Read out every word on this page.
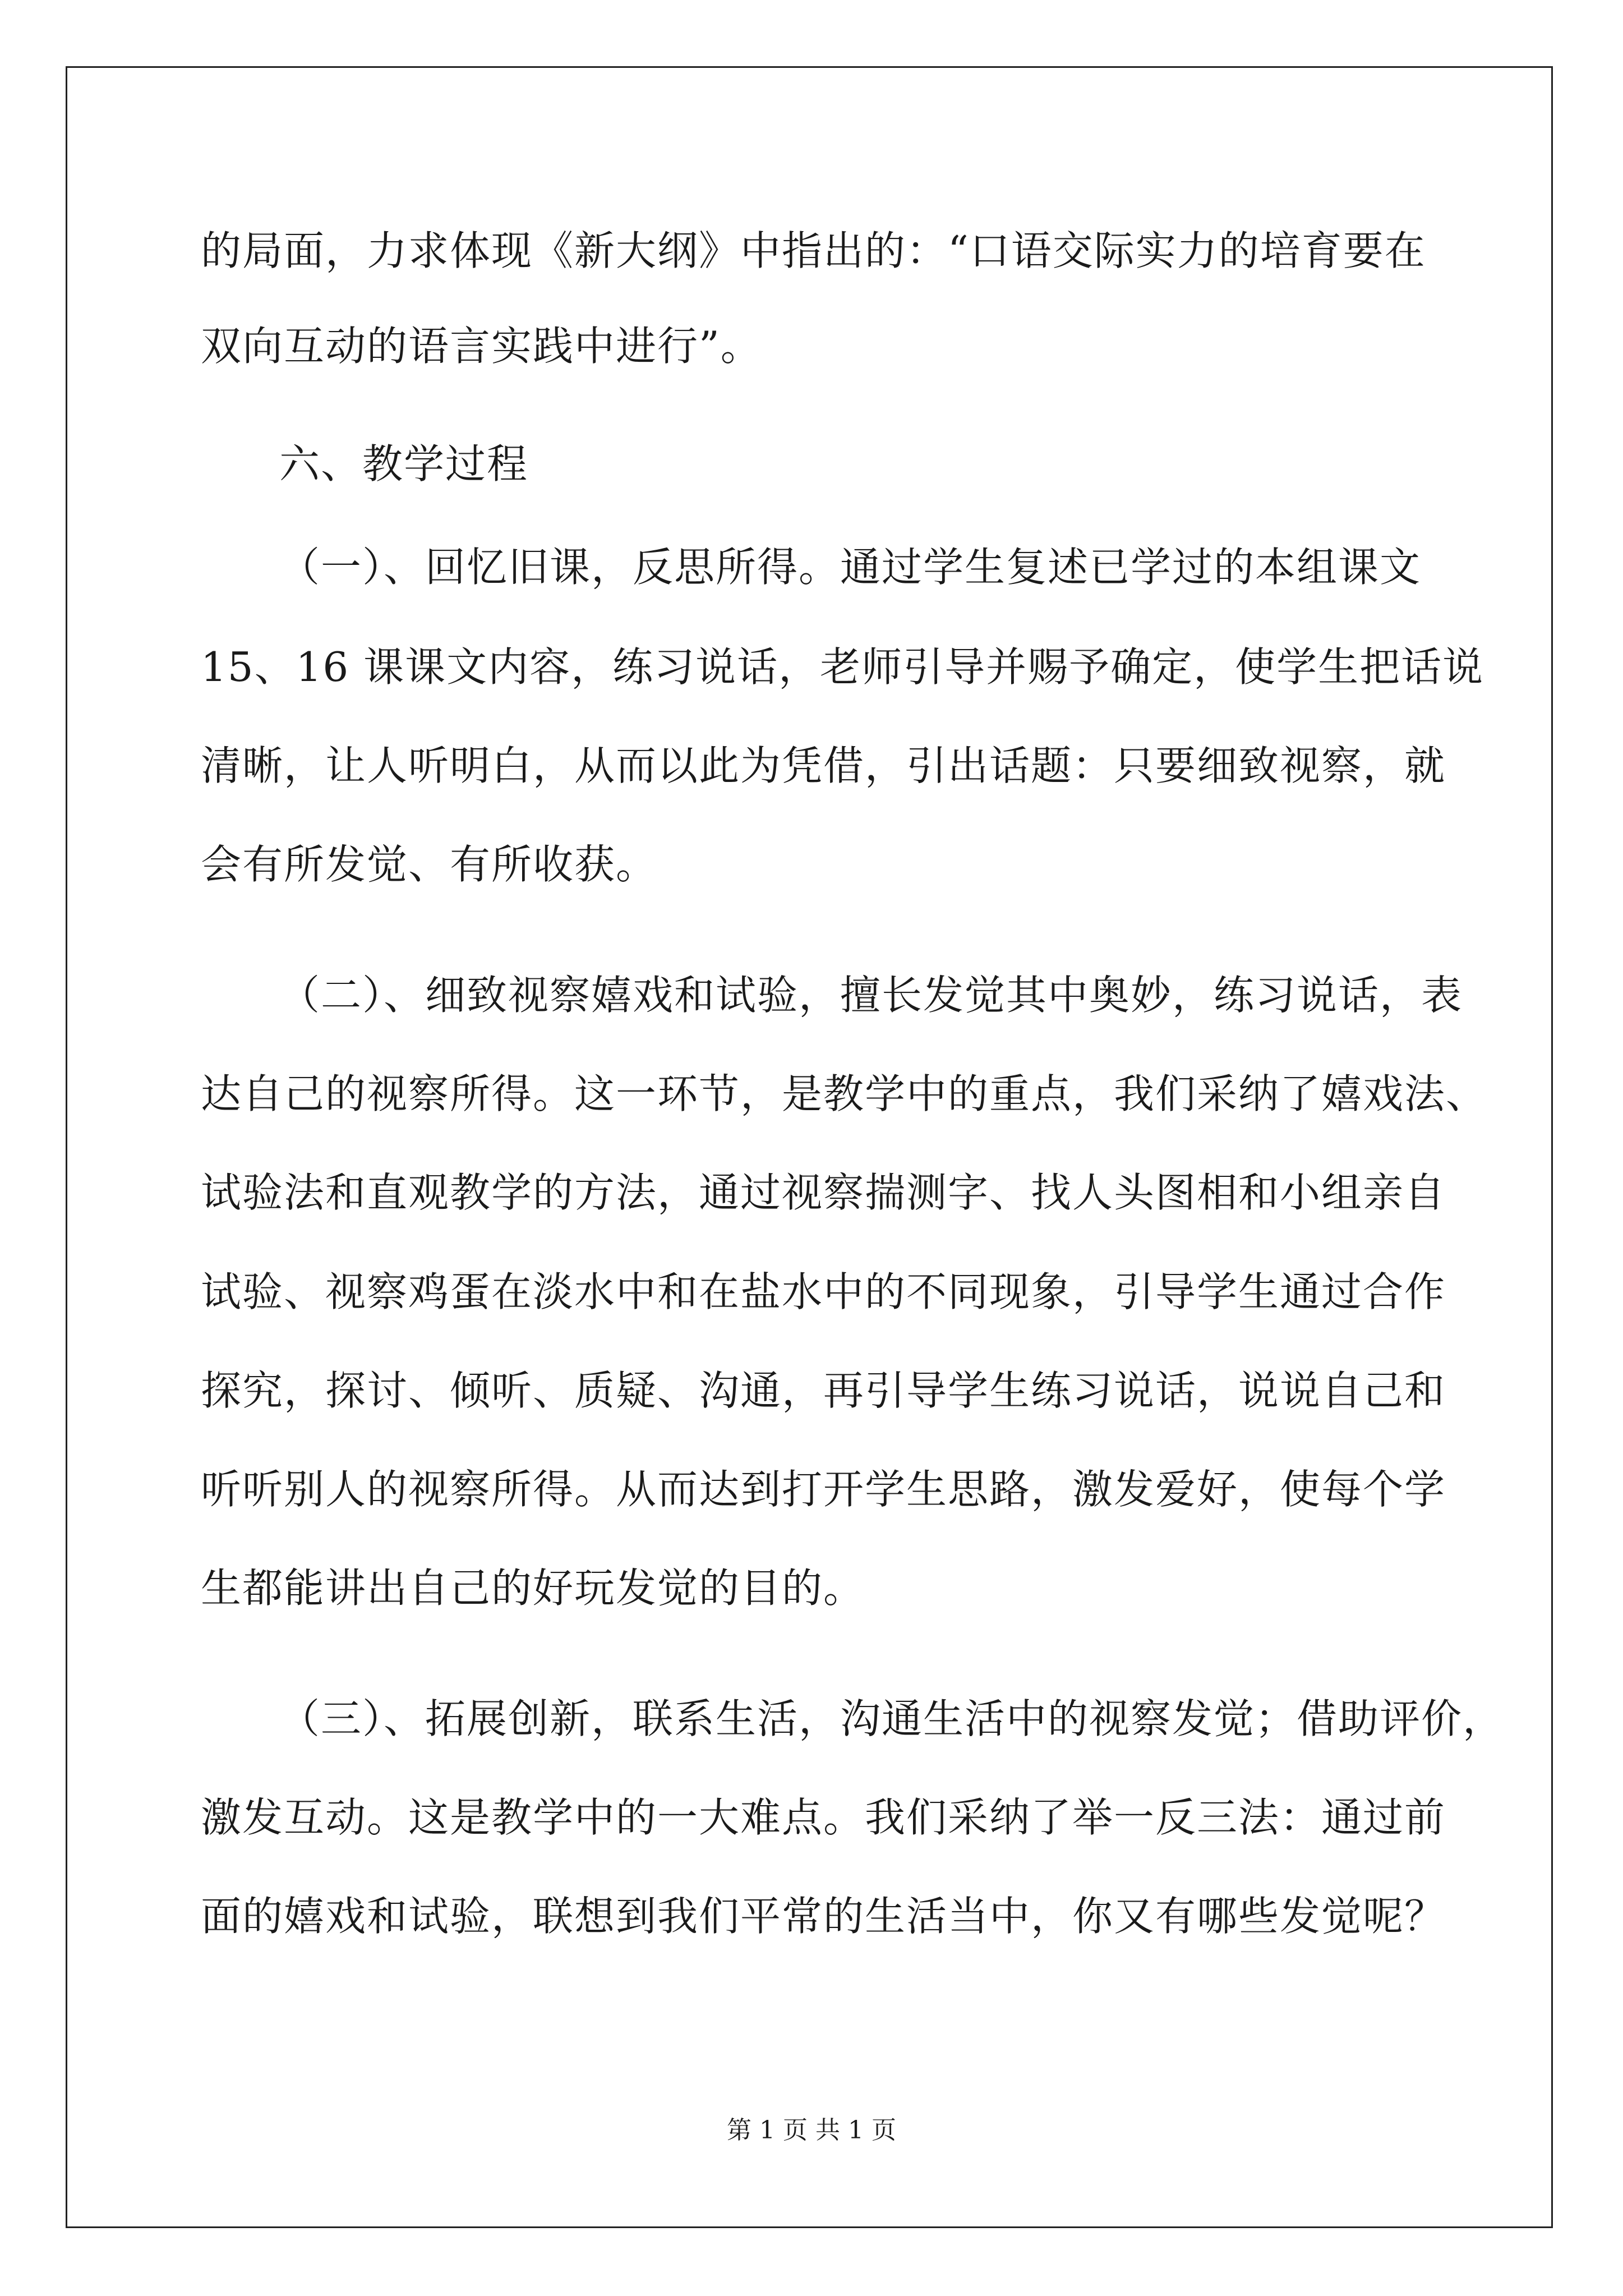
的局面，力求体现《新大纲》中指出的：“口语交际实力的培育要在
双向互动的语言实践中进行”。
六、教学过程
（一）、回忆旧课，反思所得。通过学生复述已学过的本组课文
15、16 课课文内容，练习说话，老师引导并赐予确定，使学生把话说
清晰，让人听明白，从而以此为凭借，引出话题：只要细致视察，就
会有所发觉、有所收获。
（二）、细致视察嬉戏和试验，擅长发觉其中奥妙，练习说话，表
达自己的视察所得。这一环节，是教学中的重点，我们采纳了嬉戏法、
试验法和直观教学的方法，通过视察揣测字、找人头图相和小组亲自
试验、视察鸡蛋在淡水中和在盐水中的不同现象，引导学生通过合作
探究，探讨、倾听、质疑、沟通，再引导学生练习说话，说说自己和
听听别人的视察所得。从而达到打开学生思路，激发爱好，使每个学
生都能讲出自己的好玩发觉的目的。
（三）、拓展创新，联系生活，沟通生活中的视察发觉；借助评价，
激发互动。这是教学中的一大难点。我们采纳了举一反三法：通过前
面的嬉戏和试验，联想到我们平常的生活当中，你又有哪些发觉呢？
第 1 页 共 1 页
